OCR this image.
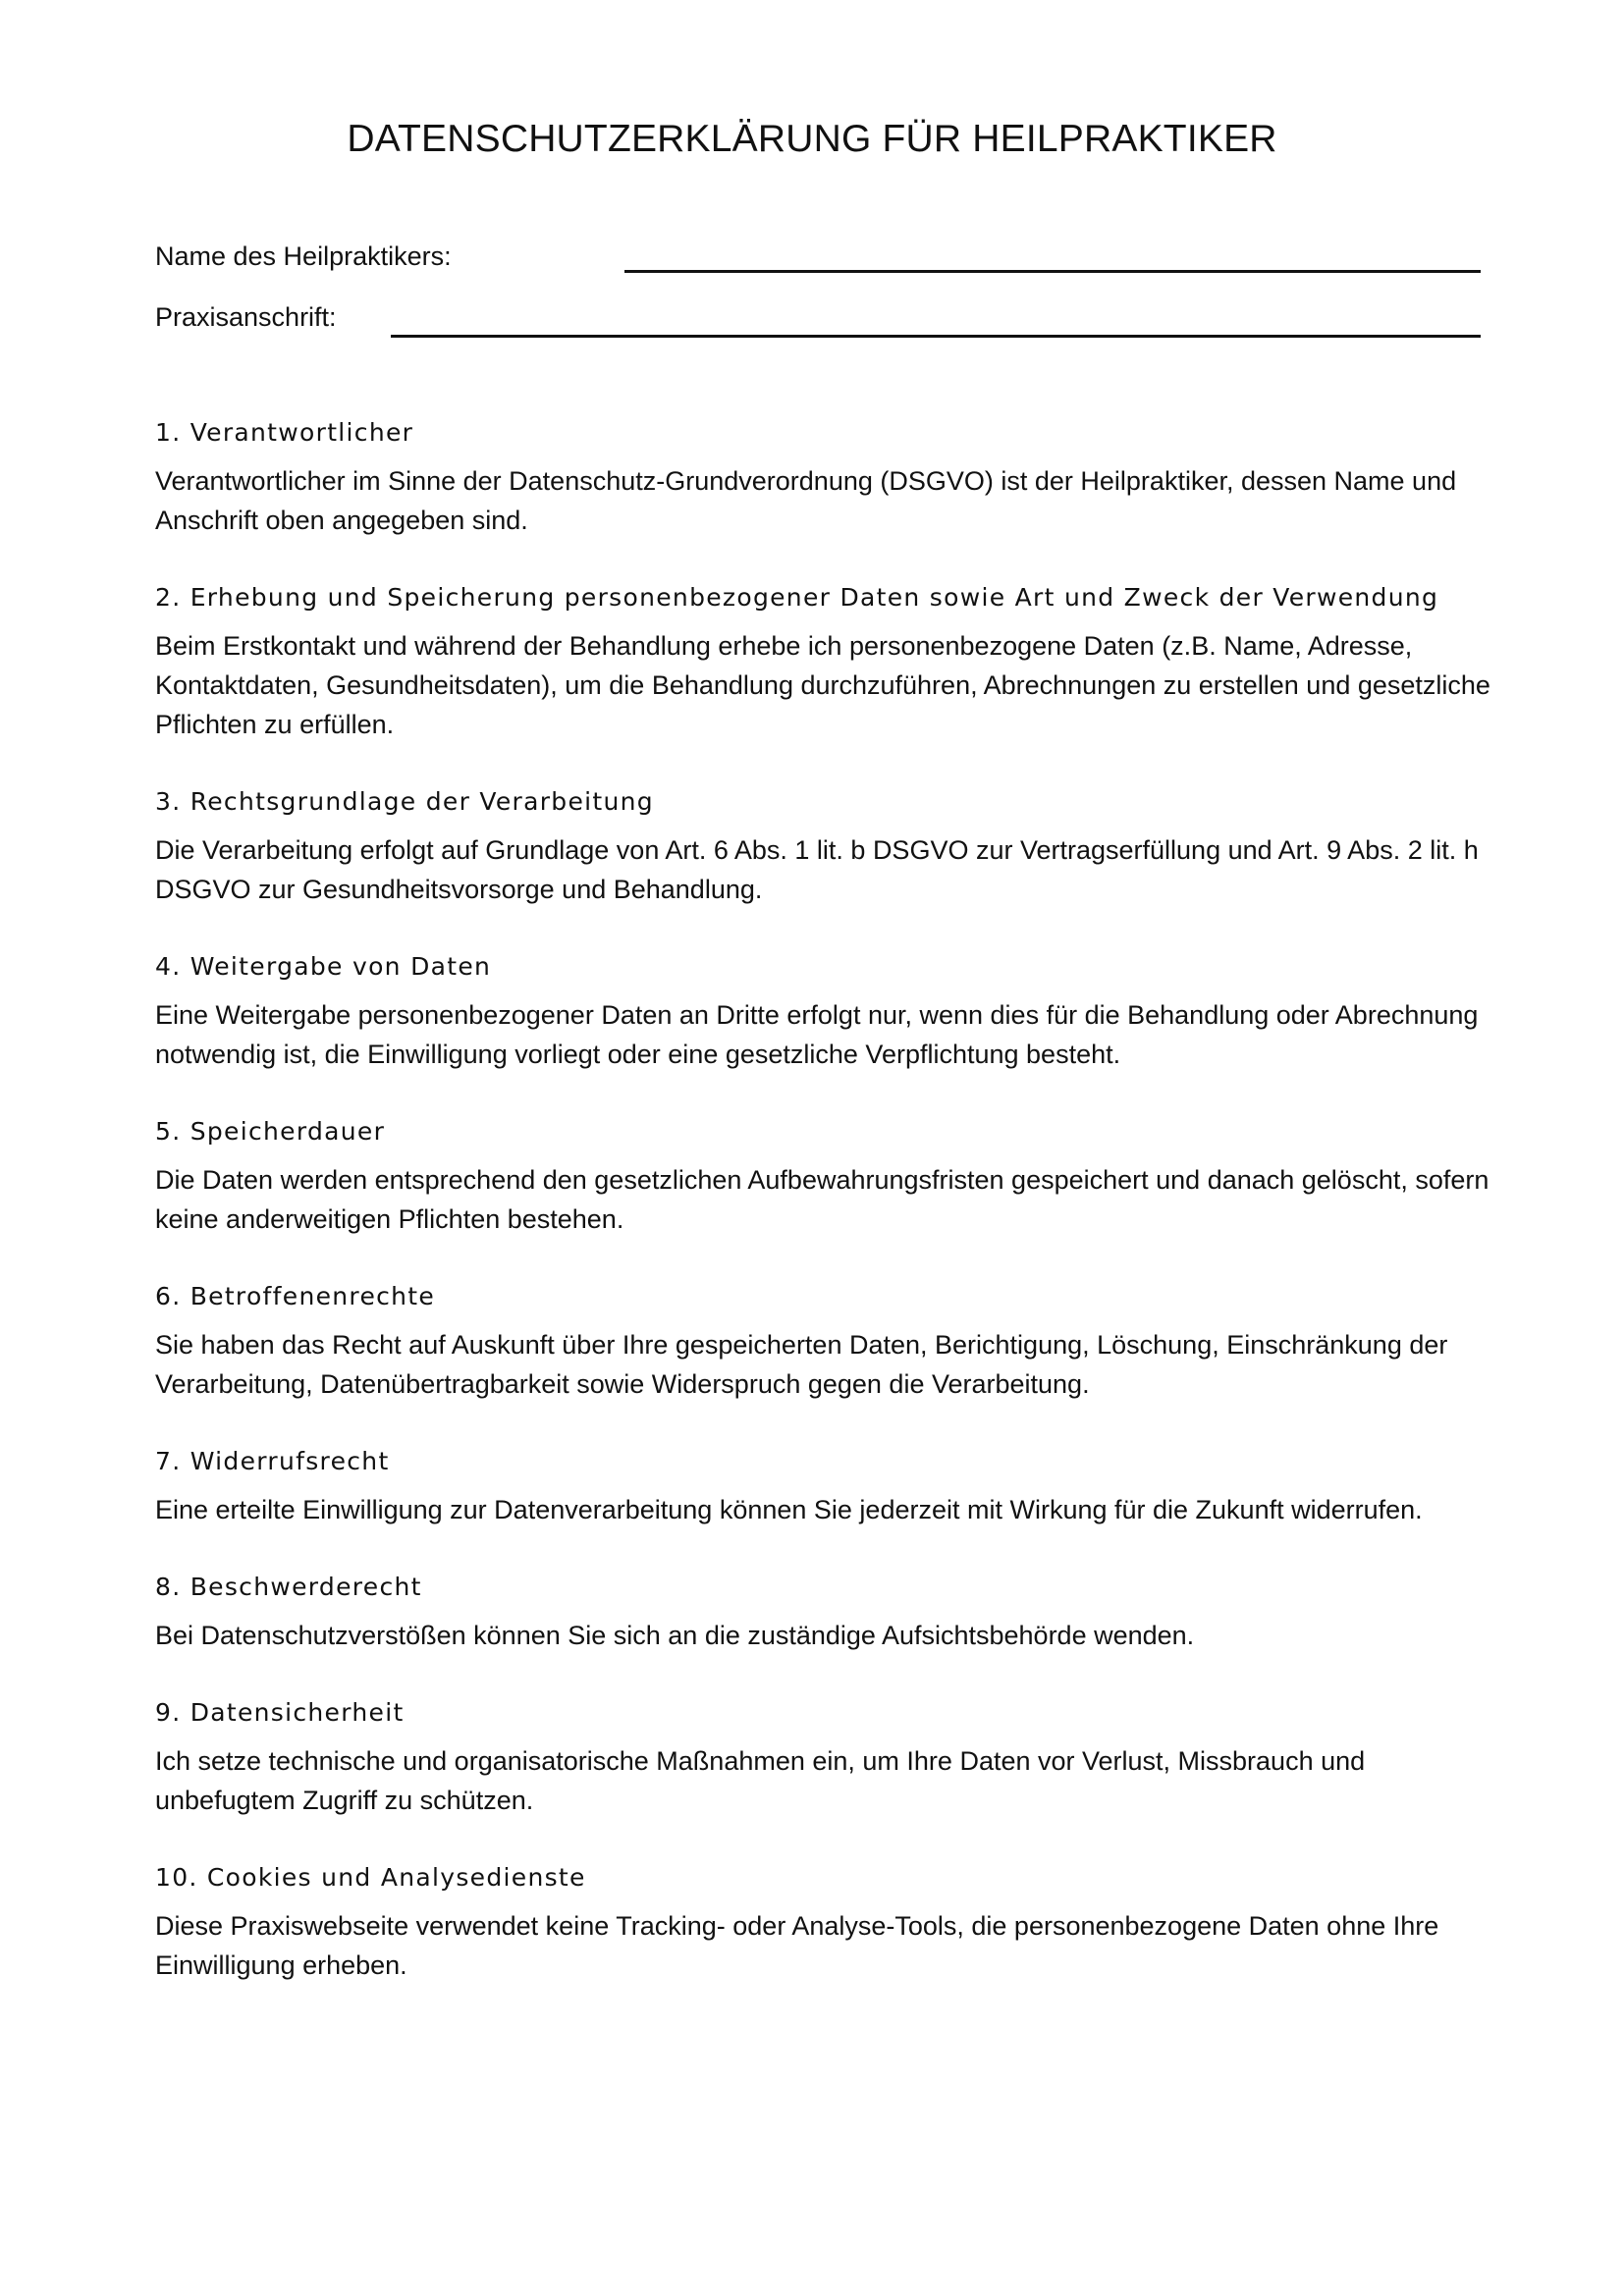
DATENSCHUTZERKLÄRUNG FÜR HEILPRAKTIKER
Name des Heilpraktikers:
Praxisanschrift:
1. Verantwortlicher

Verantwortlicher im Sinne der Datenschutz-Grundverordnung (DSGVO) ist der Heilpraktiker, dessen Name und Anschrift oben angegeben sind.

2. Erhebung und Speicherung personenbezogener Daten sowie Art und Zweck der Verwendung

Beim Erstkontakt und während der Behandlung erhebe ich personenbezogene Daten (z.B. Name, Adresse, Kontaktdaten, Gesundheitsdaten), um die Behandlung durchzuführen, Abrechnungen zu erstellen und gesetzliche Pflichten zu erfüllen.

3. Rechtsgrundlage der Verarbeitung

Die Verarbeitung erfolgt auf Grundlage von Art. 6 Abs. 1 lit. b DSGVO zur Vertragserfüllung und Art. 9 Abs. 2 lit. h DSGVO zur Gesundheitsvorsorge und Behandlung.

4. Weitergabe von Daten

Eine Weitergabe personenbezogener Daten an Dritte erfolgt nur, wenn dies für die Behandlung oder Abrechnung notwendig ist, die Einwilligung vorliegt oder eine gesetzliche Verpflichtung besteht.

5. Speicherdauer

Die Daten werden entsprechend den gesetzlichen Aufbewahrungsfristen gespeichert und danach gelöscht, sofern keine anderweitigen Pflichten bestehen.

6. Betroffenenrechte

Sie haben das Recht auf Auskunft über Ihre gespeicherten Daten, Berichtigung, Löschung, Einschränkung der Verarbeitung, Datenübertragbarkeit sowie Widerspruch gegen die Verarbeitung.

7. Widerrufsrecht

Eine erteilte Einwilligung zur Datenverarbeitung können Sie jederzeit mit Wirkung für die Zukunft widerrufen.

8. Beschwerderecht

Bei Datenschutzverstößen können Sie sich an die zuständige Aufsichtsbehörde wenden.

9. Datensicherheit

Ich setze technische und organisatorische Maßnahmen ein, um Ihre Daten vor Verlust, Missbrauch und unbefugtem Zugriff zu schützen.

10. Cookies und Analysedienste

Diese Praxiswebseite verwendet keine Tracking- oder Analyse-Tools, die personenbezogene Daten ohne Ihre Einwilligung erheben.
